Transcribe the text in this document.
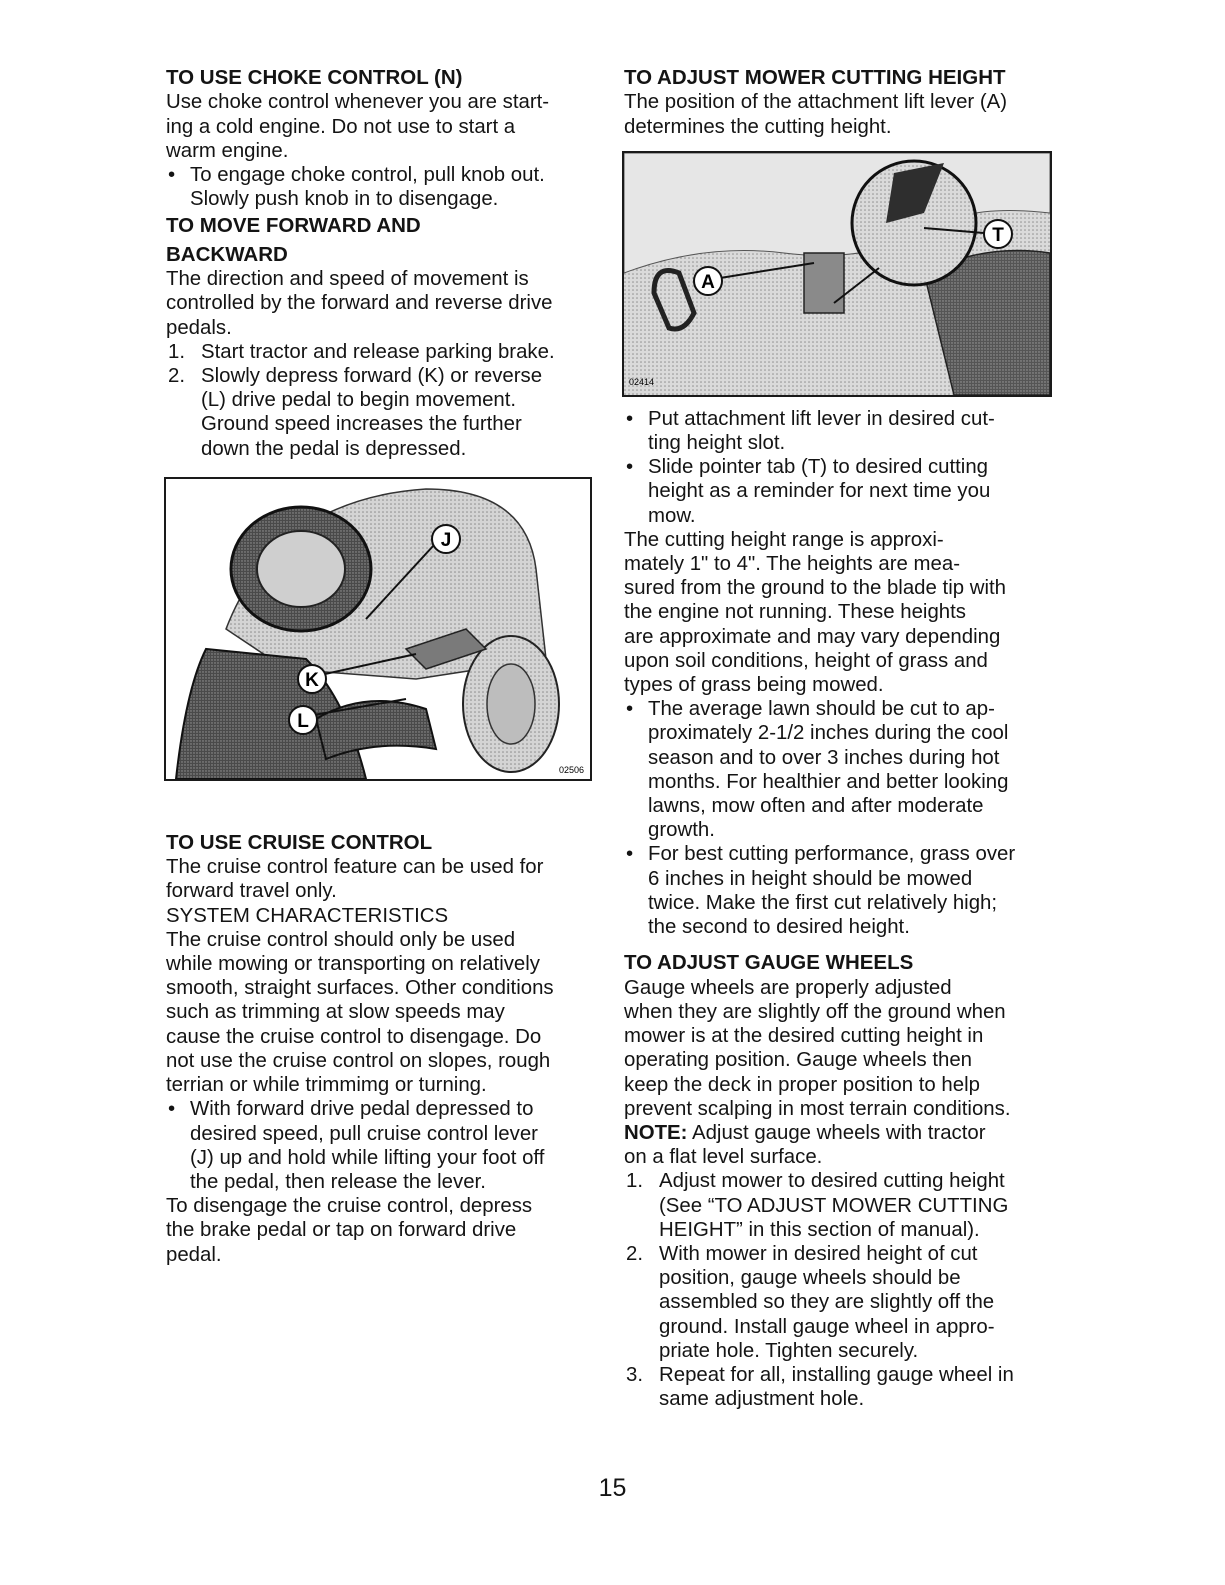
TO USE CHOKE CONTROL (N)

Use choke control whenever you are start-

ing a cold engine. Do not use to start a

warm engine.

• To engage choke control, pull knob out.

Slowly push knob in to disengage.

TO MOVE FORWARD AND
BACKWARD

The direction and speed of movement is

controlled by the forward and reverse drive

pedals.

1. Start tractor and release parking brake.

2. Slowly depress forward (K) or reverse

(L) drive pedal to begin movement.

Ground speed increases the further

down the pedal is depressed.

J
K
L
02506
TO USE CRUISE CONTROL

The cruise control feature can be used for

forward travel only.

SYSTEM CHARACTERISTICS

The cruise control should only be used

while mowing or transporting on relatively

smooth, straight surfaces. Other conditions

such as trimming at slow speeds may

cause the cruise control to disengage. Do

not use the cruise control on slopes, rough

terrian or while trimmimg or turning.

• With forward drive pedal depressed to

desired speed, pull cruise control lever

(J) up and hold while lifting your foot off

the pedal, then release the lever.

To disengage the cruise control, depress

the brake pedal or tap on forward drive

pedal.

TO ADJUST MOWER CUTTING HEIGHT

The position of the attachment lift lever (A)

determines the cutting height.

A
T
02414
• Put attachment lift lever in desired cut-

ting height slot.

• Slide pointer tab (T) to desired cutting

height as a reminder for next time you

mow.

The cutting height range is approxi-

mately 1" to 4". The heights are mea-

sured from the ground to the blade tip with

the engine not running. These heights

are approximate and may vary depending

upon soil conditions, height of grass and

types of grass being mowed.

• The average lawn should be cut to ap-

proximately 2-1/2 inches during the cool

season and to over 3 inches during hot

months. For healthier and better looking

lawns, mow often and after moderate

growth.

• For best cutting performance, grass over

6 inches in height should be mowed

twice. Make the first cut relatively high;

the second to desired height.

TO ADJUST GAUGE WHEELS

Gauge wheels are properly adjusted

when they are slightly off the ground when

mower is at the desired cutting height in

operating position. Gauge wheels then

keep the deck in proper position to help

prevent scalping in most terrain conditions.

NOTE: Adjust gauge wheels with tractor

on a flat level surface.

1. Adjust mower to desired cutting height

(See “TO ADJUST MOWER CUTTING

HEIGHT” in this section of manual).

2. With mower in desired height of cut

position, gauge wheels should be

assembled so they are slightly off the

ground. Install gauge wheel in appro-

priate hole. Tighten securely.

3. Repeat for all, installing gauge wheel in

same adjustment hole.

15
